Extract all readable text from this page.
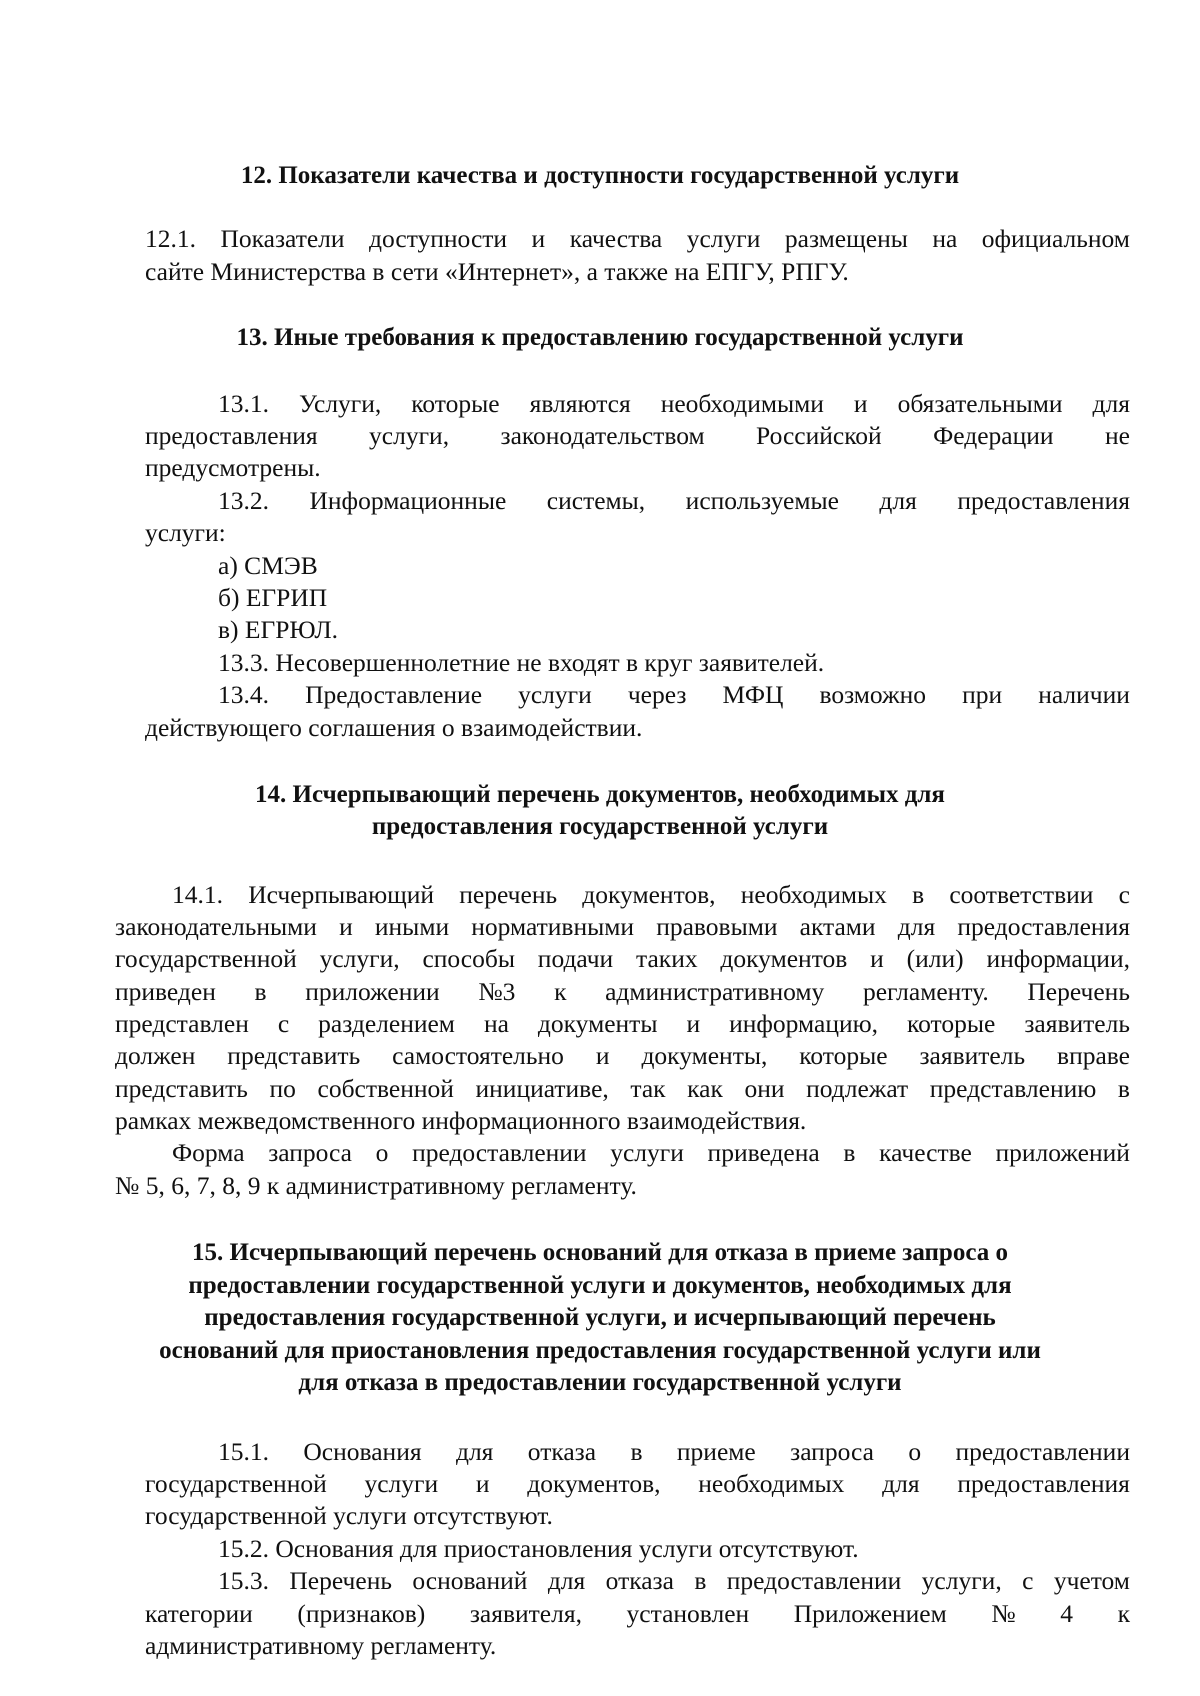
12. Показатели качества и доступности государственной услуги
12.1. Показатели доступности и качества услуги размещены на официальном
сайте Министерства в сети «Интернет», а также на ЕПГУ, РПГУ.
13. Иные требования к предоставлению государственной услуги
13.1. Услуги, которые являются необходимыми и обязательными для
предоставления услуги, законодательством Российской Федерации не
предусмотрены.
13.2. Информационные системы, используемые для предоставления
услуги:
а) СМЭВ
б) ЕГРИП
в) ЕГРЮЛ.
13.3. Несовершеннолетние не входят в круг заявителей.
13.4. Предоставление услуги через МФЦ возможно при наличии
действующего соглашения о взаимодействии.
14. Исчерпывающий перечень документов, необходимых для
предоставления государственной услуги
14.1. Исчерпывающий перечень документов, необходимых в соответствии с
законодательными и иными нормативными правовыми актами для предоставления
государственной услуги, способы подачи таких документов и (или) информации,
приведен в приложении №3 к административному регламенту. Перечень
представлен с разделением на документы и информацию, которые заявитель
должен представить самостоятельно и документы, которые заявитель вправе
представить по собственной инициативе, так как они подлежат представлению в
рамках межведомственного информационного взаимодействия.
Форма запроса о предоставлении услуги приведена в качестве приложений
№ 5, 6, 7, 8, 9 к административному регламенту.
15. Исчерпывающий перечень оснований для отказа в приеме запроса о
предоставлении государственной услуги и документов, необходимых для
предоставления государственной услуги, и исчерпывающий перечень
оснований для приостановления предоставления государственной услуги или
для отказа в предоставлении государственной услуги
15.1. Основания для отказа в приеме запроса о предоставлении
государственной услуги и документов, необходимых для предоставления
государственной услуги отсутствуют.
15.2. Основания для приостановления услуги отсутствуют.
15.3. Перечень оснований для отказа в предоставлении услуги, с учетом
категории (признаков) заявителя, установлен Приложением № 4 к
административному регламенту.
